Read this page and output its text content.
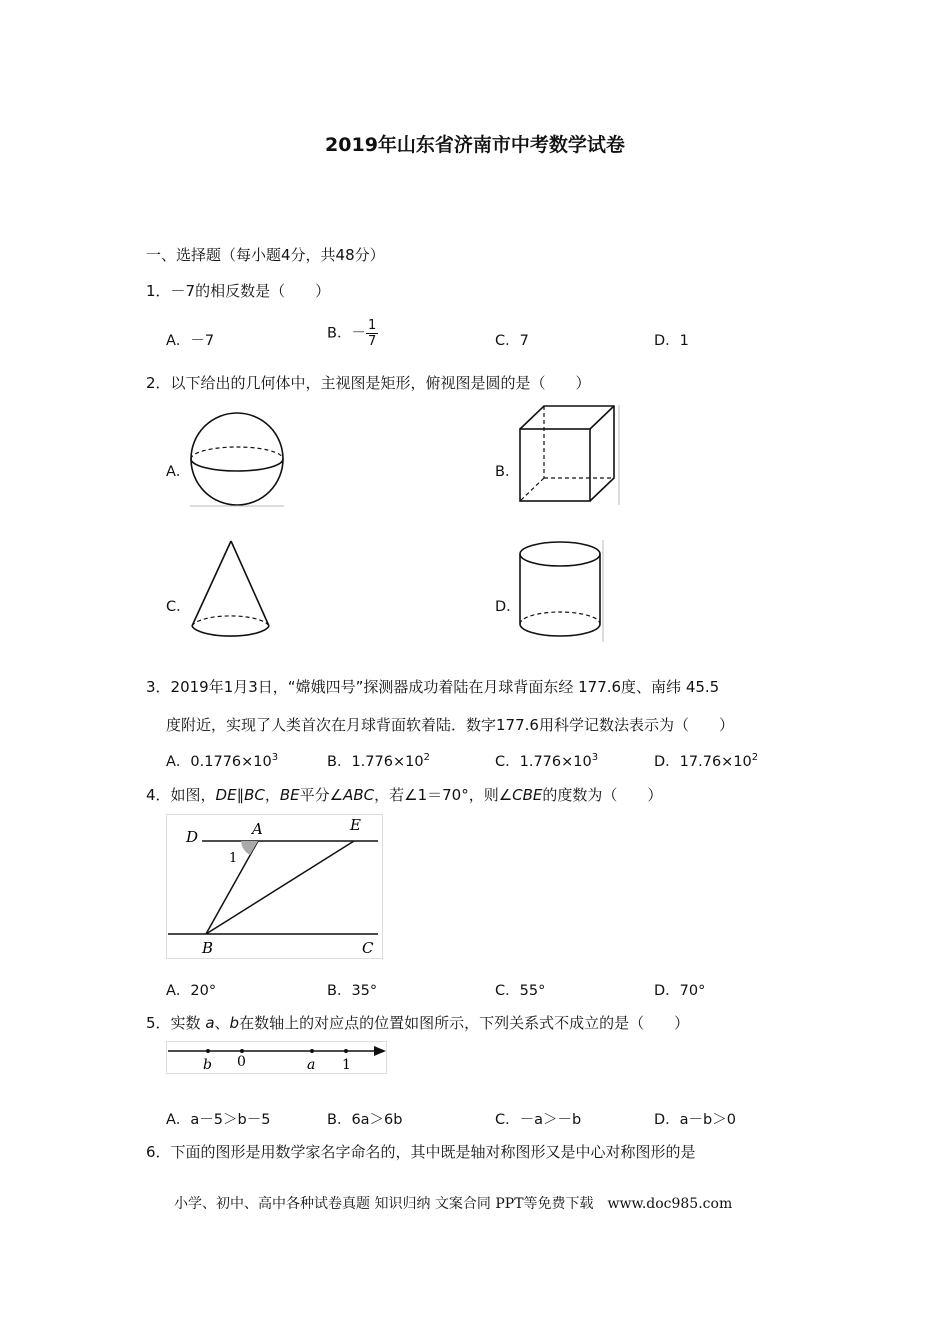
2019年山东省济南市中考数学试卷
一、选择题（每小题4分，共48分）
1．－7的相反数是（　　）
A．－7	B．－ $\frac{1}{7}$	C．7	D．1
2．以下给出的几何体中，主视图是矩形，俯视图是圆的是（　　）
A．	B．
C．	D．
3．2019年1月3日，“嫦娥四号”探测器成功着陆在月球背面东经 177.6度、南纬 45.5
度附近，实现了人类首次在月球背面软着陆．数字177.6用科学记数法表示为（　　）
A．$0.1776\times 10^3$	B．$1.776\times 10^2$	C．$1.776\times 10^3$	D．$17.76\times 10^2$
4．如图，DE∥BC，BE平分∠ABC，若∠1＝70°，则∠CBE的度数为（　　）
D	A	E
1
B	C
A．20°	B．35°	C．55°	D．70°
5．实数 a、b在数轴上的对应点的位置如图所示，下列关系式不成立的是（　　）
b 0	a 1
A．a－5＞b－5	B．6a＞6b	C．－a＞－b	D．a－b＞0
6．下面的图形是用数学家名字命名的，其中既是轴对称图形又是中心对称图形的是
小学、初中、高中各种试卷真题 知识归纳 文案合同 PPT等免费下载　www.doc985.com
